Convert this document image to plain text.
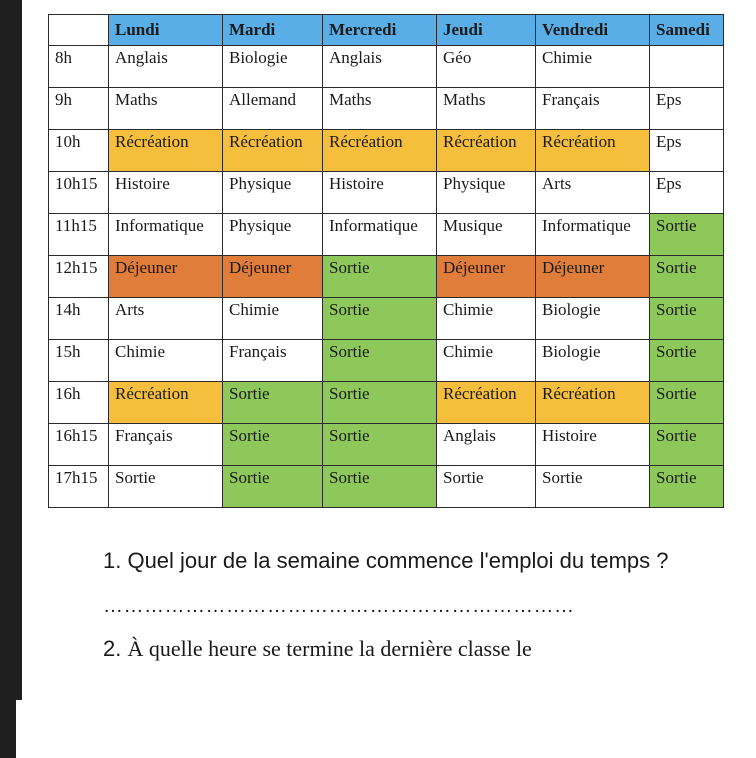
	Lundi	Mardi	Mercredi	Jeudi	Vendredi	Samedi
8h	Anglais	Biologie	Anglais	Géo	Chimie	
9h	Maths	Allemand	Maths	Maths	Français	Eps
10h	Récréation	Récréation	Récréation	Récréation	Récréation	Eps
10h15	Histoire	Physique	Histoire	Physique	Arts	Eps
11h15	Informatique	Physique	Informatique	Musique	Informatique	Sortie
12h15	Déjeuner	Déjeuner	Sortie	Déjeuner	Déjeuner	Sortie
14h	Arts	Chimie	Sortie	Chimie	Biologie	Sortie
15h	Chimie	Français	Sortie	Chimie	Biologie	Sortie
16h	Récréation	Sortie	Sortie	Récréation	Récréation	Sortie
16h15	Français	Sortie	Sortie	Anglais	Histoire	Sortie
17h15	Sortie	Sortie	Sortie	Sortie	Sortie	Sortie
1. Quel jour de la semaine commence l'emploi du temps ?
……………………………………………………………
2. À quelle heure se termine la dernière classe le
